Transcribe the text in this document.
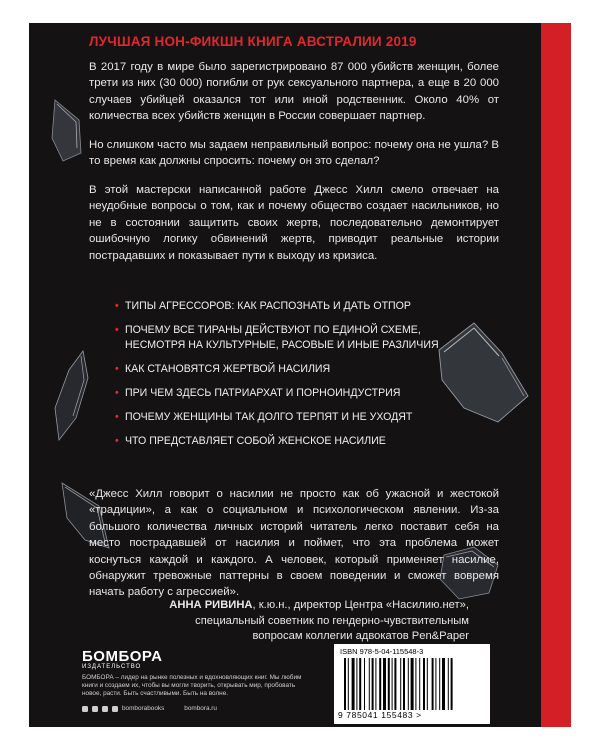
ЛУЧШАЯ НОН-ФИКШН КНИГА АВСТРАЛИИ 2019

В 2017 году в мире было зарегистрировано 87 000 убийств женщин, более трети из них (30 000) погибли от рук сексуального партнера, а еще в 20 000 случаев убийцей оказался тот или иной родственник. Около 40% от количества всех убийств женщин в России совершает партнер.

Но слишком часто мы задаем неправильный вопрос: почему она не ушла? В то время как должны спросить: почему он это сделал?

В этой мастерски написанной работе Джесс Хилл смело отвечает на неудобные вопросы о том, как и почему общество создает насильников, но не в состоянии защитить своих жертв, последовательно демонтирует ошибочную логику обвинений жертв, приводит реальные истории пострадавших и показывает пути к выходу из кризиса.

• ТИПЫ АГРЕССОРОВ: КАК РАСПОЗНАТЬ И ДАТЬ ОТПОР
• ПОЧЕМУ ВСЕ ТИРАНЫ ДЕЙСТВУЮТ ПО ЕДИНОЙ СХЕМЕ, НЕСМОТРЯ НА КУЛЬТУРНЫЕ, РАСОВЫЕ И ИНЫЕ РАЗЛИЧИЯ
• КАК СТАНОВЯТСЯ ЖЕРТВОЙ НАСИЛИЯ
• ПРИ ЧЕМ ЗДЕСЬ ПАТРИАРХАТ И ПОРНОИНДУСТРИЯ
• ПОЧЕМУ ЖЕНЩИНЫ ТАК ДОЛГО ТЕРПЯТ И НЕ УХОДЯТ
• ЧТО ПРЕДСТАВЛЯЕТ СОБОЙ ЖЕНСКОЕ НАСИЛИЕ

«Джесс Хилл говорит о насилии не просто как об ужасной и жестокой «традиции», а как о социальном и психологическом явлении. Из-за большого количества личных историй читатель легко поставит себя на место пострадавшей от насилия и поймет, что эта проблема может коснуться каждой и каждого. А человек, который применяет насилие, обнаружит тревожные паттерны в своем поведении и сможет вовремя начать работу с агрессией».

АННА РИВИНА, к.ю.н., директор Центра «Насилию.нет»,
специальный советник по гендерно-чувствительным
вопросам коллегии адвокатов Pen&Paper
БОМБОРА
ИЗДАТЕЛЬСТВО
БОМБОРА – лидер на рынке полезных и вдохновляющих книг. Мы любим книги и создаем их, чтобы вы могли творить, открывать мир, пробовать новое, расти. Быть счастливыми. Быть на волне.
bomborabooks	bombora.ru
ISBN 978-5-04-115548-3
9 785041 155483 >
